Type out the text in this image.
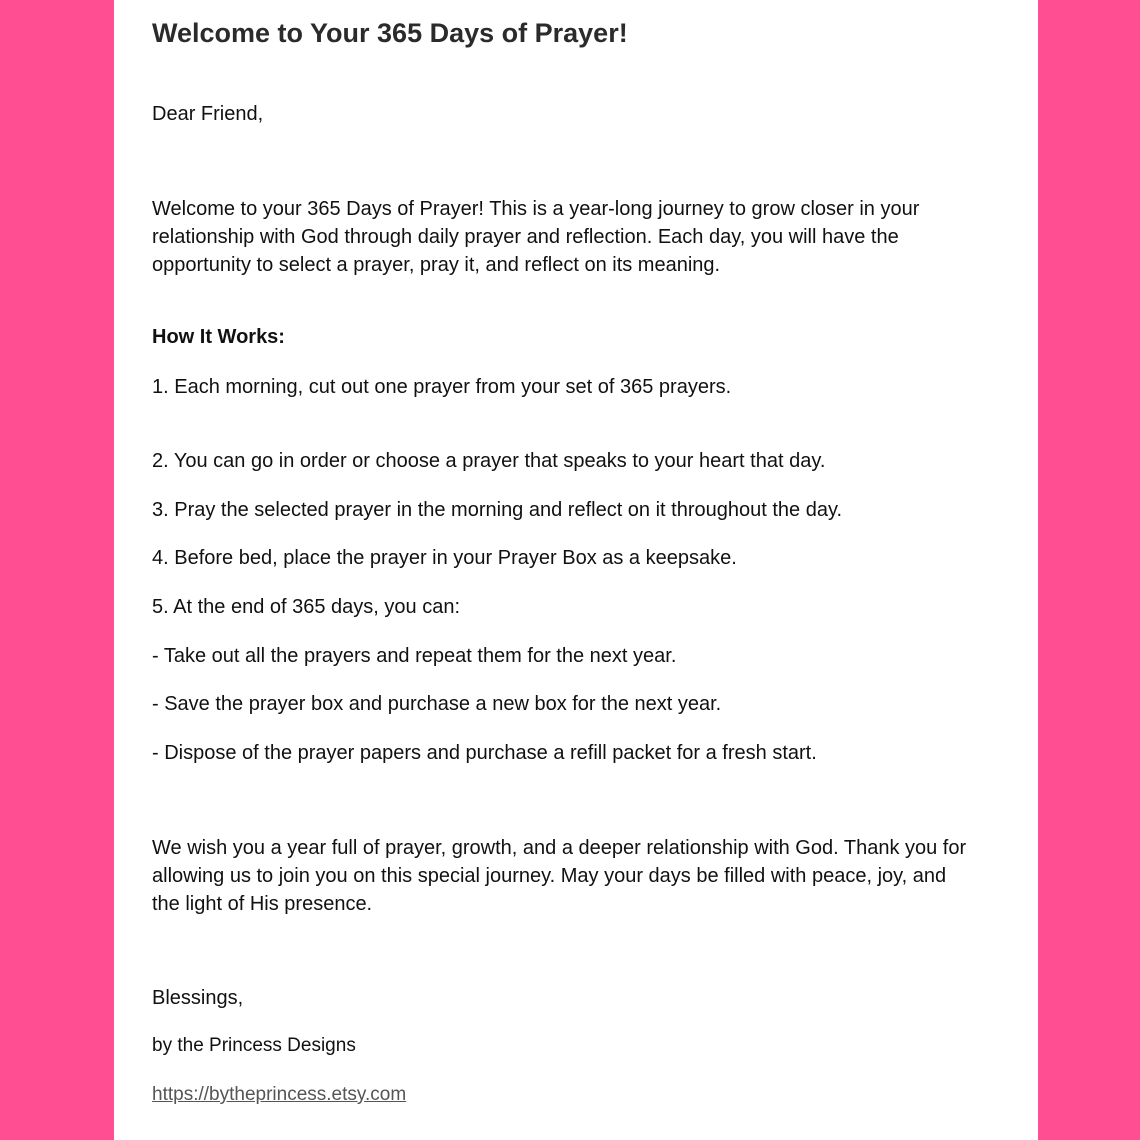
Welcome to Your 365 Days of Prayer!

Dear Friend,

Welcome to your 365 Days of Prayer! This is a year-long journey to grow closer in your relationship with God through daily prayer and reflection. Each day, you will have the opportunity to select a prayer, pray it, and reflect on its meaning.

How It Works:

1. Each morning, cut out one prayer from your set of 365 prayers.

2. You can go in order or choose a prayer that speaks to your heart that day.

3. Pray the selected prayer in the morning and reflect on it throughout the day.

4. Before bed, place the prayer in your Prayer Box as a keepsake.

5. At the end of 365 days, you can:

- Take out all the prayers and repeat them for the next year.

- Save the prayer box and purchase a new box for the next year.

- Dispose of the prayer papers and purchase a refill packet for a fresh start.

We wish you a year full of prayer, growth, and a deeper relationship with God. Thank you for allowing us to join you on this special journey. May your days be filled with peace, joy, and the light of His presence.

Blessings,

by the Princess Designs

https://bytheprincess.etsy.com
